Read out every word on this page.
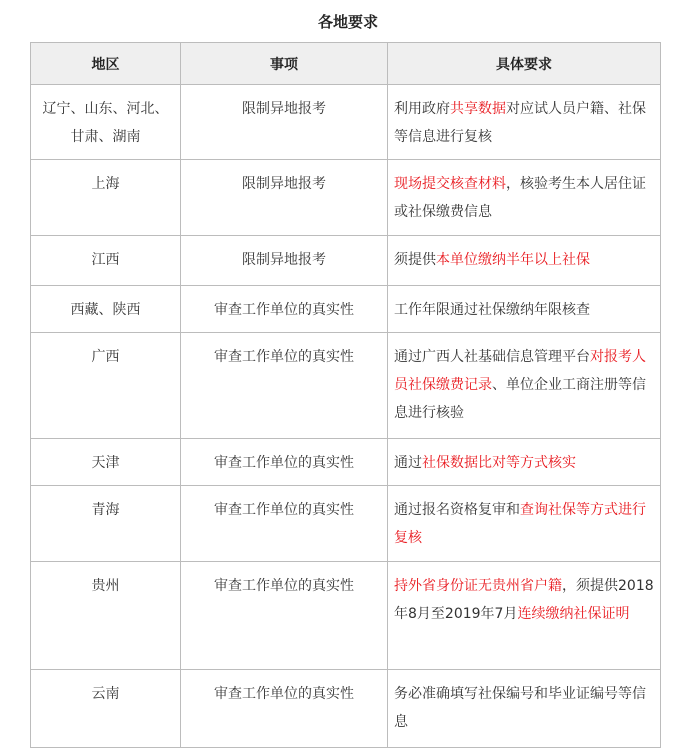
各地要求
地区	事项	具体要求
辽宁、山东、河北、甘肃、湖南	限制异地报考	利用政府共享数据对应试人员户籍、社保等信息进行复核
上海	限制异地报考	现场提交核查材料，核验考生本人居住证或社保缴费信息
江西	限制异地报考	须提供本单位缴纳半年以上社保
西藏、陕西	审查工作单位的真实性	工作年限通过社保缴纳年限核查
广西	审查工作单位的真实性	通过广西人社基础信息管理平台对报考人员社保缴费记录、单位企业工商注册等信息进行核验
天津	审查工作单位的真实性	通过社保数据比对等方式核实
青海	审查工作单位的真实性	通过报名资格复审和查询社保等方式进行复核
贵州	审查工作单位的真实性	持外省身份证无贵州省户籍，须提供2018年8月至2019年7月连续缴纳社保证明
云南	审查工作单位的真实性	务必准确填写社保编号和毕业证编号等信息
